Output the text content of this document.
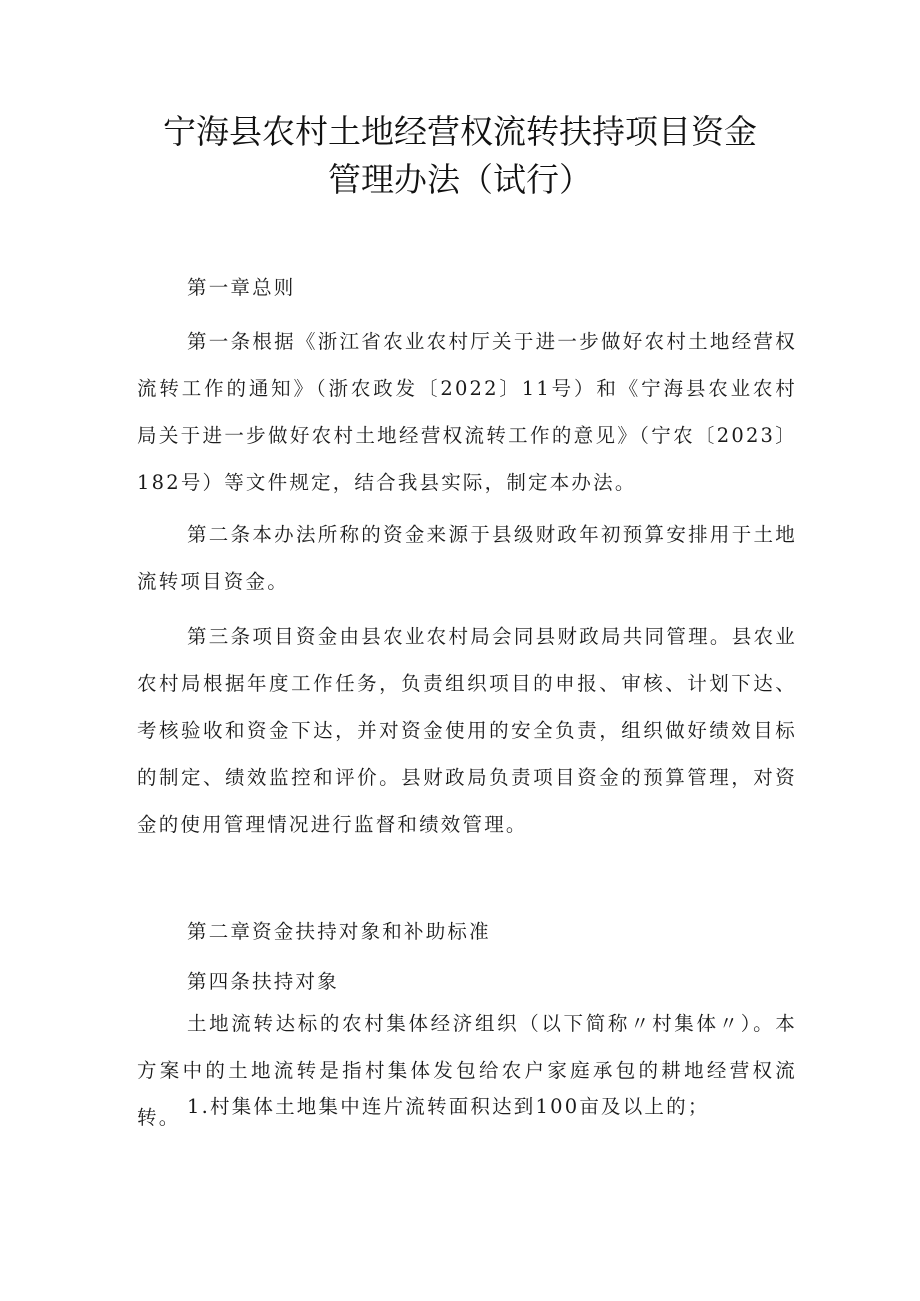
宁海县农村土地经营权流转扶持项目资金
管理办法（试行）

第一章总则

第一条根据《浙江省农业农村厅关于进一步做好农村土地经营权流转工作的通知》（浙农政发〔2022〕11号）和《宁海县农业农村局关于进一步做好农村土地经营权流转工作的意见》（宁农〔2023〕182号）等文件规定，结合我县实际，制定本办法。

第二条本办法所称的资金来源于县级财政年初预算安排用于土地流转项目资金。

第三条项目资金由县农业农村局会同县财政局共同管理。县农业农村局根据年度工作任务，负责组织项目的申报、审核、计划下达、考核验收和资金下达，并对资金使用的安全负责，组织做好绩效目标的制定、绩效监控和评价。县财政局负责项目资金的预算管理，对资金的使用管理情况进行监督和绩效管理。

第二章资金扶持对象和补助标准

第四条扶持对象

土地流转达标的农村集体经济组织（以下简称〃村集体〃）。本方案中的土地流转是指村集体发包给农户家庭承包的耕地经营权流转。 1.村集体土地集中连片流转面积达到100亩及以上的；
